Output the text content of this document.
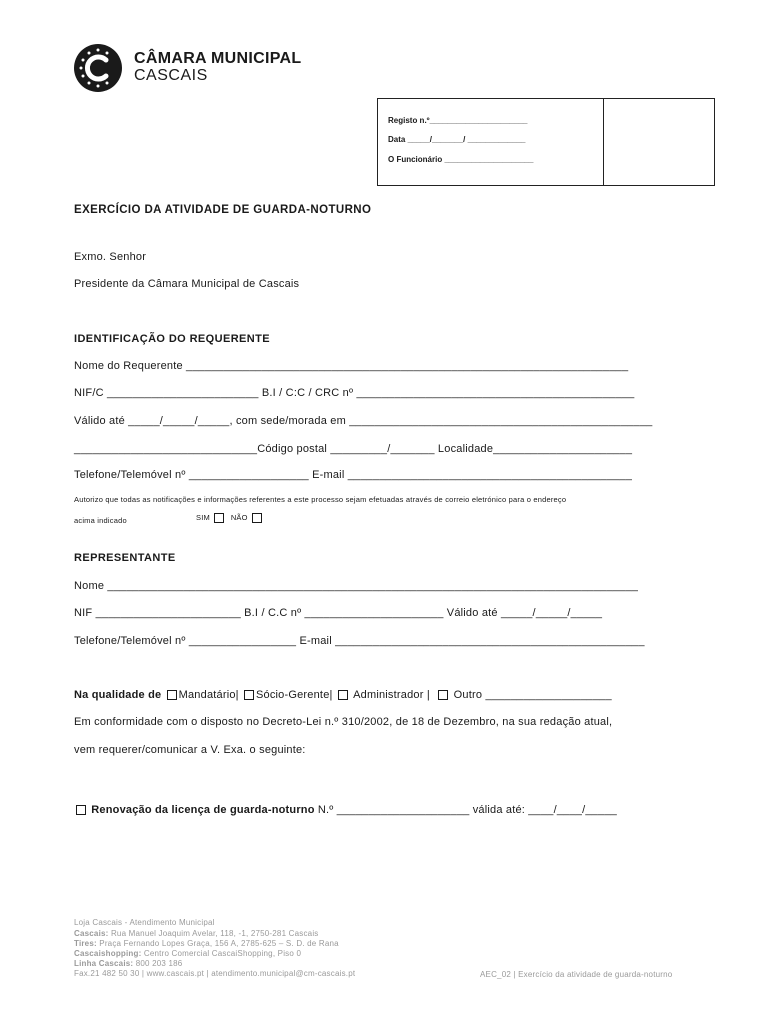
CÂMARA MUNICIPAL
CASCAIS
Registo n.º______________________
Data _____/_______/ _____________
O Funcionário ____________________
EXERCÍCIO DA ATIVIDADE DE GUARDA-NOTURNO
Exmo. Senhor
Presidente da Câmara Municipal de Cascais
IDENTIFICAÇÃO DO REQUERENTE
Nome do Requerente ______________________________________________________________________
NIF/C ________________________ B.I / C:C / CRC nº ____________________________________________
Válido até _____/_____/_____, com sede/morada em ________________________________________________
_____________________________Código postal _________/_______ Localidade______________________
Telefone/Telemóvel nº ___________________ E-mail _____________________________________________
Autorizo que todas as notificações e informações referentes a este processo sejam efetuadas através de correio eletrónico para o endereço
acima indicado	SIM	NÃO
REPRESENTANTE
Nome ____________________________________________________________________________________
NIF _______________________ B.I / C.C nº ______________________ Válido até _____/_____/_____
Telefone/Telemóvel nº _________________ E-mail _________________________________________________
Na qualidade de Mandatário| Sócio-Gerente| Administrador | Outro ____________________
Em conformidade com o disposto no Decreto-Lei n.º 310/2002, de 18 de Dezembro, na sua redação atual,
vem requerer/comunicar a V. Exa. o seguinte:
Renovação da licença de guarda-noturno N.º _____________________ válida até: ____/____/_____
Loja Cascais - Atendimento Municipal
Cascais: Rua Manuel Joaquim Avelar, 118, -1, 2750-281 Cascais
Tires: Praça Fernando Lopes Graça, 156 A, 2785-625 – S. D. de Rana
Cascaishopping: Centro Comercial CascaiShopping, Piso 0
Linha Cascais: 800 203 186
Fax.21 482 50 30 | www.cascais.pt | atendimento.municipal@cm-cascais.pt	AEC_02 | Exercício da atividade de guarda-noturno
